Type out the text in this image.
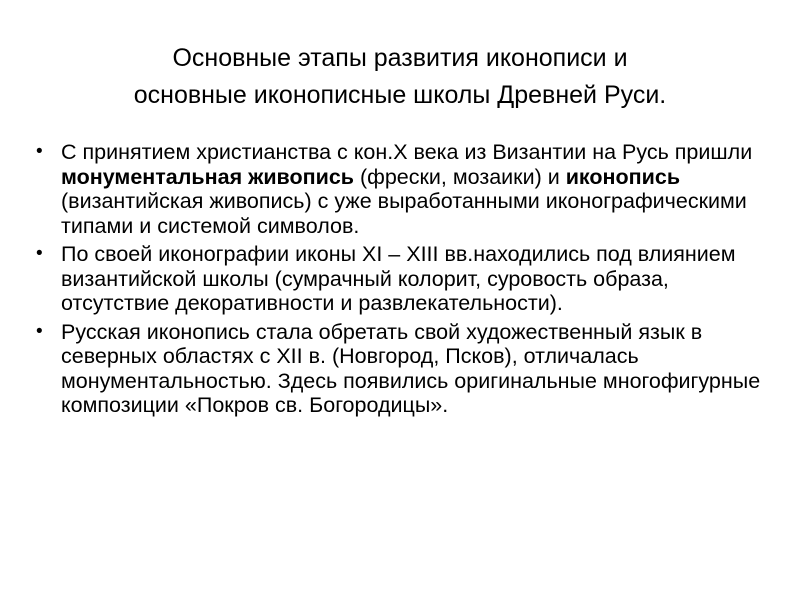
Основные этапы развития иконописи и
основные иконописные школы Древней Руси.
• С принятием христианства с кон.X века из Византии на Русь пришли монументальная живопись (фрески, мозаики) и иконопись (византийская живопись) с уже выработанными иконографическими типами и системой символов.
• По своей иконографии иконы XI – XIII вв.находились под влиянием византийской школы (сумрачный колорит, суровость образа, отсутствие декоративности и развлекательности).
• Русская иконопись стала обретать свой художественный язык в северных областях с XII в. (Новгород, Псков), отличалась монументальностью. Здесь появились оригинальные многофигурные композиции «Покров св. Богородицы».
